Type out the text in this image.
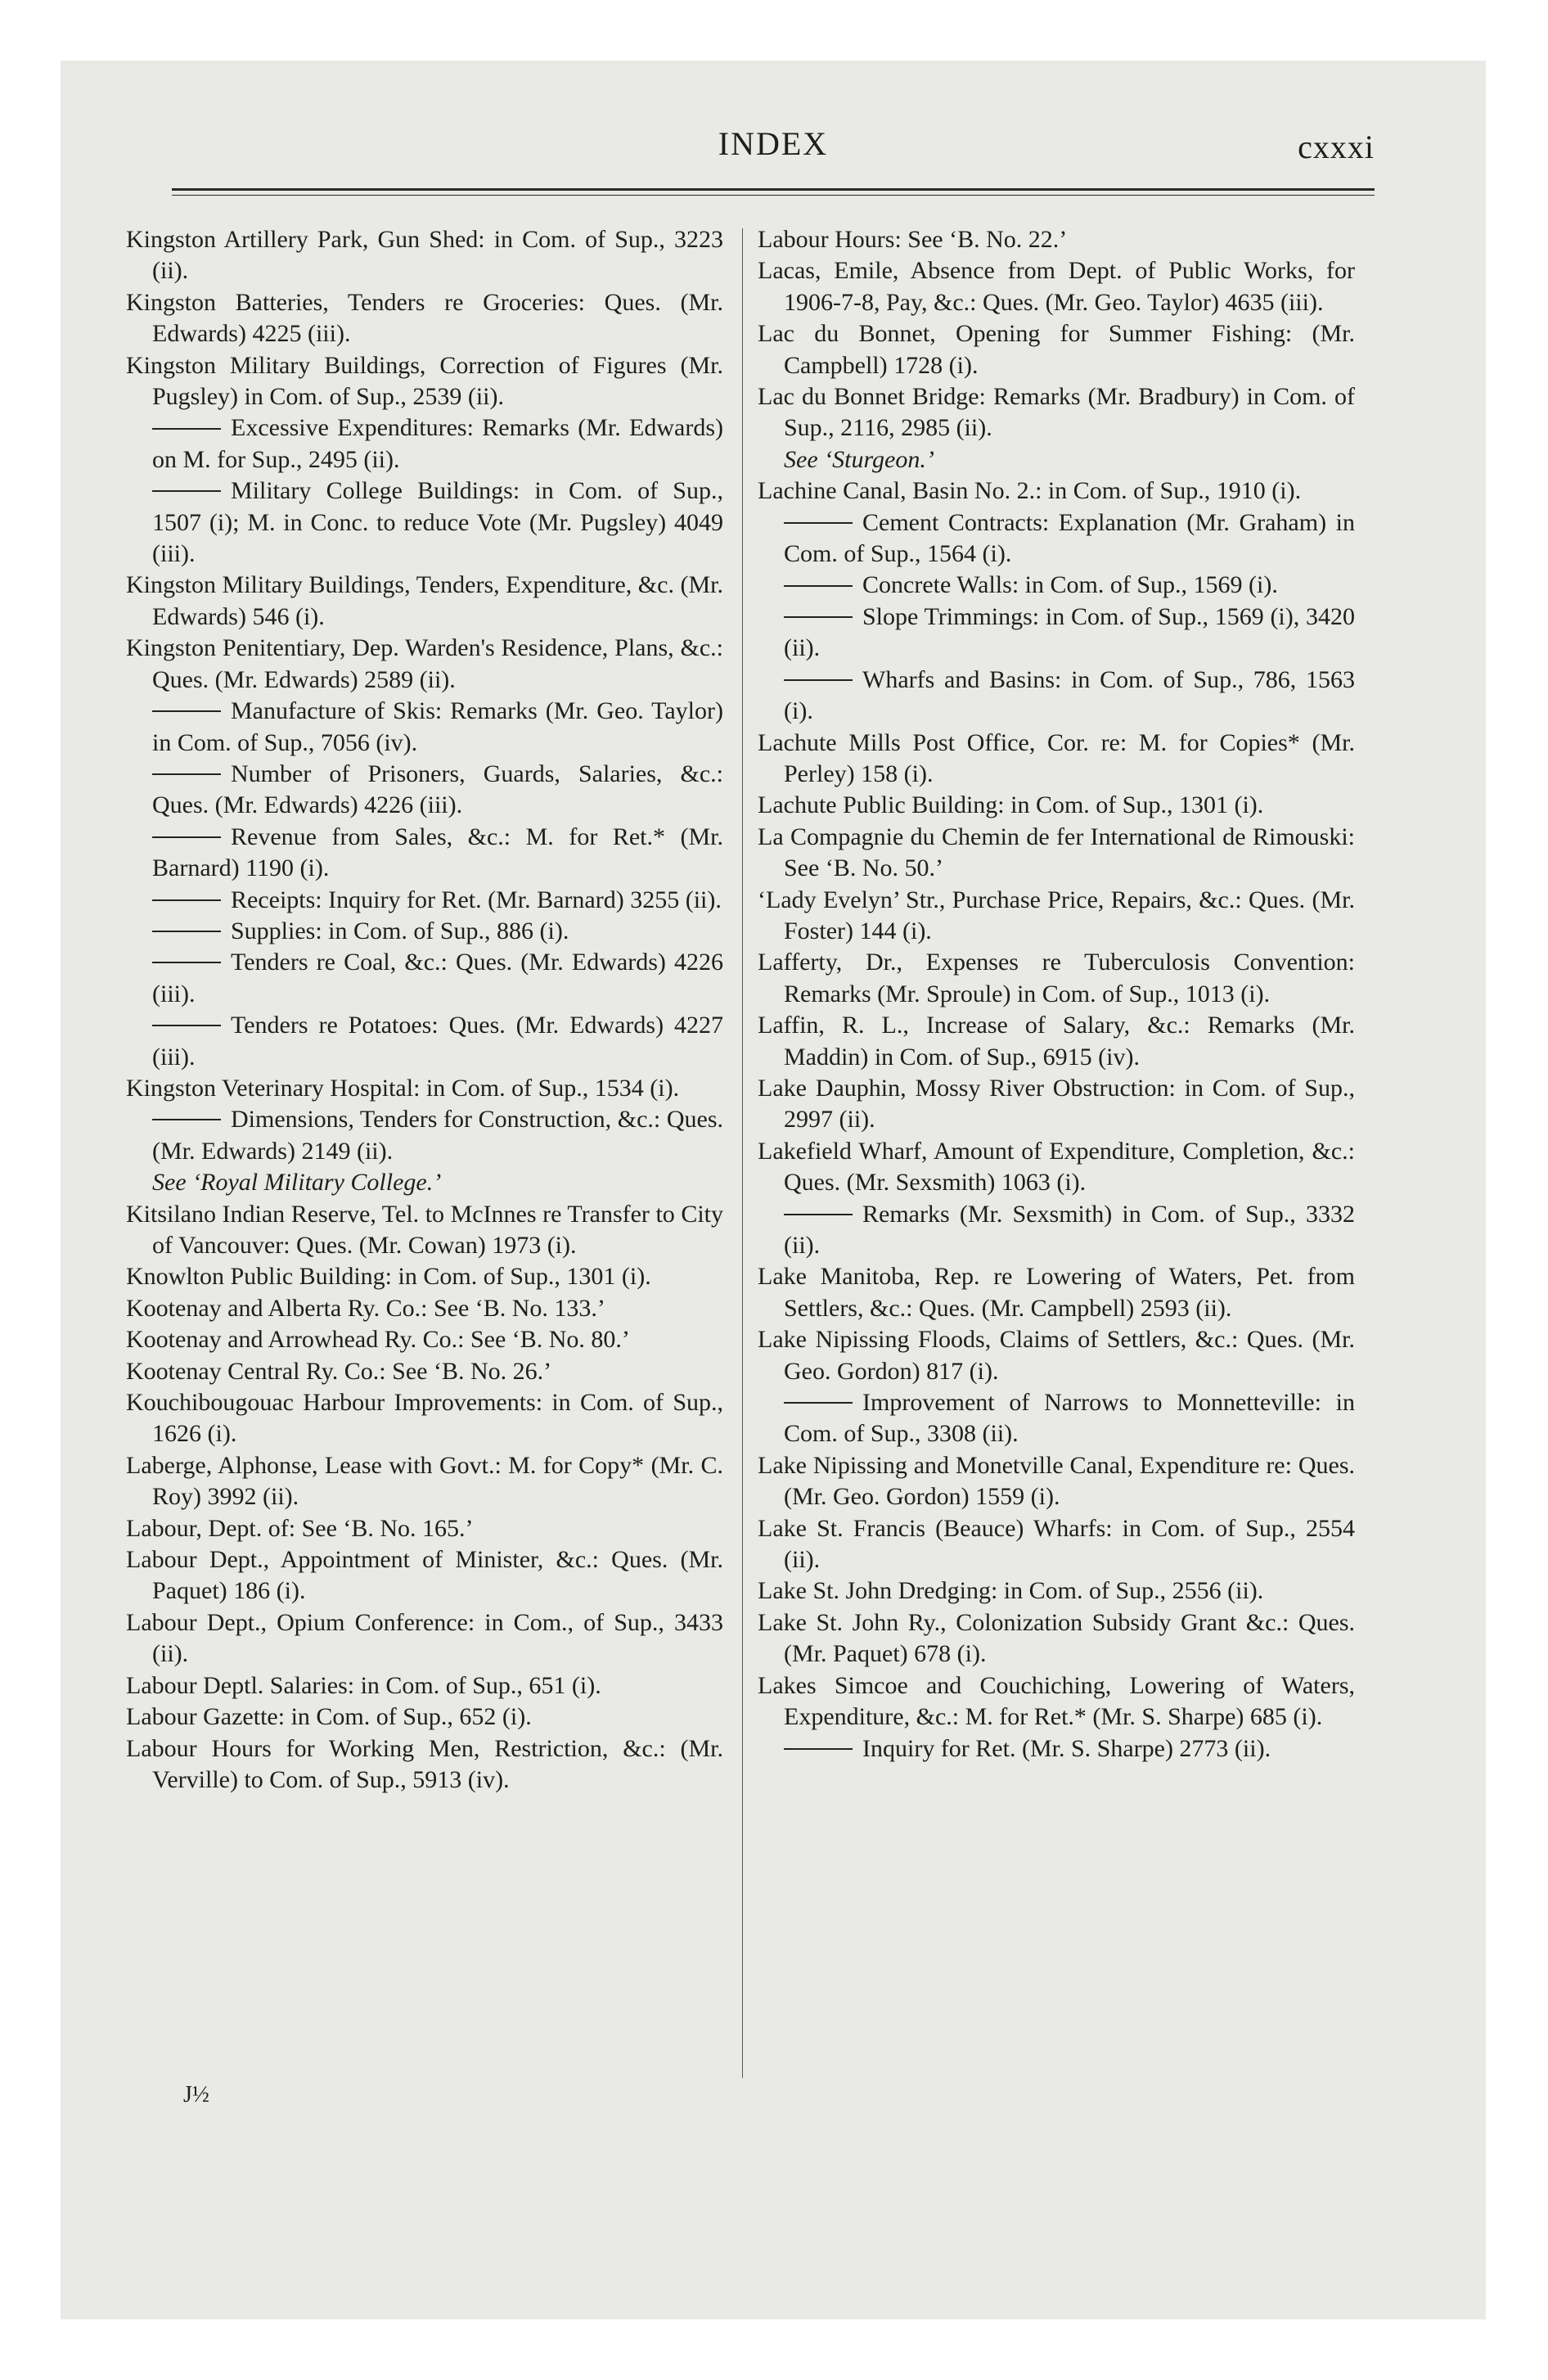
INDEX	cxxxi
Kingston Artillery Park, Gun Shed: in Com. of Sup., 3223 (ii).
Kingston Batteries, Tenders re Groceries: Ques. (Mr. Edwards) 4225 (iii).
Kingston Military Buildings, Correction of Figures (Mr. Pugsley) in Com. of Sup., 2539 (ii).
Excessive Expenditures: Remarks (Mr. Edwards) on M. for Sup., 2495 (ii).
Military College Buildings: in Com. of Sup., 1507 (i); M. in Conc. to reduce Vote (Mr. Pugsley) 4049 (iii).
Kingston Military Buildings, Tenders, Expenditure, &c. (Mr. Edwards) 546 (i).
Kingston Penitentiary, Dep. Warden's Residence, Plans, &c.: Ques. (Mr. Edwards) 2589 (ii).
Manufacture of Skis: Remarks (Mr. Geo. Taylor) in Com. of Sup., 7056 (iv).
Number of Prisoners, Guards, Salaries, &c.: Ques. (Mr. Edwards) 4226 (iii).
Revenue from Sales, &c.: M. for Ret.* (Mr. Barnard) 1190 (i).
Receipts: Inquiry for Ret. (Mr. Barnard) 3255 (ii).
Supplies: in Com. of Sup., 886 (i).
Tenders re Coal, &c.: Ques. (Mr. Edwards) 4226 (iii).
Tenders re Potatoes: Ques. (Mr. Edwards) 4227 (iii).
Kingston Veterinary Hospital: in Com. of Sup., 1534 (i).
Dimensions, Tenders for Construction, &c.: Ques. (Mr. Edwards) 2149 (ii).
See ‘Royal Military College.’
Kitsilano Indian Reserve, Tel. to McInnes re Transfer to City of Vancouver: Ques. (Mr. Cowan) 1973 (i).
Knowlton Public Building: in Com. of Sup., 1301 (i).
Kootenay and Alberta Ry. Co.: See ‘B. No. 133.’
Kootenay and Arrowhead Ry. Co.: See ‘B. No. 80.’
Kootenay Central Ry. Co.: See ‘B. No. 26.’
Kouchibougouac Harbour Improvements: in Com. of Sup., 1626 (i).
Laberge, Alphonse, Lease with Govt.: M. for Copy* (Mr. C. Roy) 3992 (ii).
Labour, Dept. of: See ‘B. No. 165.’
Labour Dept., Appointment of Minister, &c.: Ques. (Mr. Paquet) 186 (i).
Labour Dept., Opium Conference: in Com., of Sup., 3433 (ii).
Labour Deptl. Salaries: in Com. of Sup., 651 (i).
Labour Gazette: in Com. of Sup., 652 (i).
Labour Hours for Working Men, Restriction, &c.: (Mr. Verville) to Com. of Sup., 5913 (iv).
Labour Hours: See ‘B. No. 22.’
Lacas, Emile, Absence from Dept. of Public Works, for 1906-7-8, Pay, &c.: Ques. (Mr. Geo. Taylor) 4635 (iii).
Lac du Bonnet, Opening for Summer Fishing: (Mr. Campbell) 1728 (i).
Lac du Bonnet Bridge: Remarks (Mr. Bradbury) in Com. of Sup., 2116, 2985 (ii).
See ‘Sturgeon.’
Lachine Canal, Basin No. 2.: in Com. of Sup., 1910 (i).
Cement Contracts: Explanation (Mr. Graham) in Com. of Sup., 1564 (i).
Concrete Walls: in Com. of Sup., 1569 (i).
Slope Trimmings: in Com. of Sup., 1569 (i), 3420 (ii).
Wharfs and Basins: in Com. of Sup., 786, 1563 (i).
Lachute Mills Post Office, Cor. re: M. for Copies* (Mr. Perley) 158 (i).
Lachute Public Building: in Com. of Sup., 1301 (i).
La Compagnie du Chemin de fer International de Rimouski: See ‘B. No. 50.’
‘Lady Evelyn’ Str., Purchase Price, Repairs, &c.: Ques. (Mr. Foster) 144 (i).
Lafferty, Dr., Expenses re Tuberculosis Convention: Remarks (Mr. Sproule) in Com. of Sup., 1013 (i).
Laffin, R. L., Increase of Salary, &c.: Remarks (Mr. Maddin) in Com. of Sup., 6915 (iv).
Lake Dauphin, Mossy River Obstruction: in Com. of Sup., 2997 (ii).
Lakefield Wharf, Amount of Expenditure, Completion, &c.: Ques. (Mr. Sexsmith) 1063 (i).
Remarks (Mr. Sexsmith) in Com. of Sup., 3332 (ii).
Lake Manitoba, Rep. re Lowering of Waters, Pet. from Settlers, &c.: Ques. (Mr. Campbell) 2593 (ii).
Lake Nipissing Floods, Claims of Settlers, &c.: Ques. (Mr. Geo. Gordon) 817 (i).
Improvement of Narrows to Monnetteville: in Com. of Sup., 3308 (ii).
Lake Nipissing and Monetville Canal, Expenditure re: Ques. (Mr. Geo. Gordon) 1559 (i).
Lake St. Francis (Beauce) Wharfs: in Com. of Sup., 2554 (ii).
Lake St. John Dredging: in Com. of Sup., 2556 (ii).
Lake St. John Ry., Colonization Subsidy Grant &c.: Ques. (Mr. Paquet) 678 (i).
Lakes Simcoe and Couchiching, Lowering of Waters, Expenditure, &c.: M. for Ret.* (Mr. S. Sharpe) 685 (i).
Inquiry for Ret. (Mr. S. Sharpe) 2773 (ii).
J½
